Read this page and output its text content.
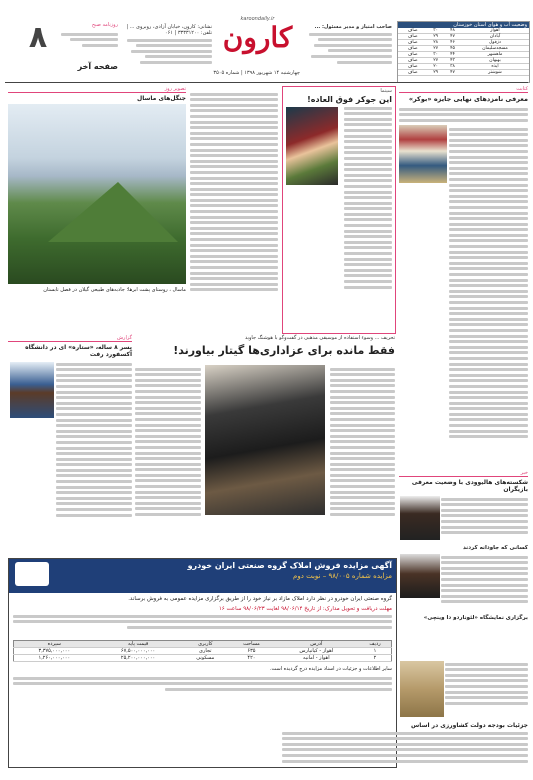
وضعیت آب و هوای استان خوزستان
اهواز	۴۸	۳۰	صاف
آبادان	۴۷	۲۹	صاف
دزفول	۴۶	۲۸	صاف
مسجدسلیمان	۴۵	۲۷	صاف
ماهشهر	۴۴	۳۰	صاف
بهبهان	۴۳	۲۷	صاف
ایذه	۳۸	۲۰	صاف
شوشتر	۴۷	۲۹	صاف
صاحب امتیاز و مدیر مسئول: ...
karoondaily.ir
کارون
چهارشنبه ۱۴ شهریور ۱۳۹۸ | شماره ۳۵۰۵
نشانی: کارون، خیابان آزادی، روبروی ... | تلفن: ۳۳۳۳۱۲۰۰ | ۰۶۱
روزنامه صبح
صفحه آخر
۸
کتابت
معرفی نامزدهای نهایی جایزه «بوکر»
سینما
این جوکر فوق العاده!
تصویر روز
جنگل‌های ماسال
ماسال ، روستای پشت ابرها؛ جاذبه‌های طبیعی گیلان در فصل تابستان
تحریف ... وسوء استفاده از موسیقی مذهبی در گفت‌وگو با هوشنگ جاوید
فقط مانده برای عزاداری‌ها گیتار بیاورند!
گزارش
پسر ۸ ساله، «ستاره» ای در دانشگاه آکسفورد رفت
خبر
شکسته‌های هالیوودی با وضعیت معرفی بازیگران
کسانی که جاودانه کردند
برگزاری نمایشگاه «لئوناردو دا وینچی»
آگهی مزایده فروش املاک گروه صنعتی ایران خودرو
مزایده شماره ۹۸/۰۰۵ – نوبت دوم
گروه صنعتی ایران خودرو در نظر دارد املاک مازاد بر نیاز خود را از طریق برگزاری مزایده عمومی به فروش برساند.
مهلت دریافت و تحویل مدارک: از تاریخ ۹۸/۰۶/۱۴ لغایت ۹۸/۰۶/۲۳ ساعت ۱۶
ردیف	آدرس	مساحت	کاربری	قیمت پایه	سپرده
۱	اهواز - کیانپارس	۶۳۵	تجاری	۶۷,۵۰۰,۰۰۰,۰۰۰	۳,۳۷۵,۰۰۰,۰۰۰
۲	اهواز - امانیه	۴۲۰	مسکونی	۲۵,۲۰۰,۰۰۰,۰۰۰	۱,۲۶۰,۰۰۰,۰۰۰
سایر اطلاعات و جزئیات در اسناد مزایده درج گردیده است.
جزئیات بودجه دولت کشاورزی در اساس
